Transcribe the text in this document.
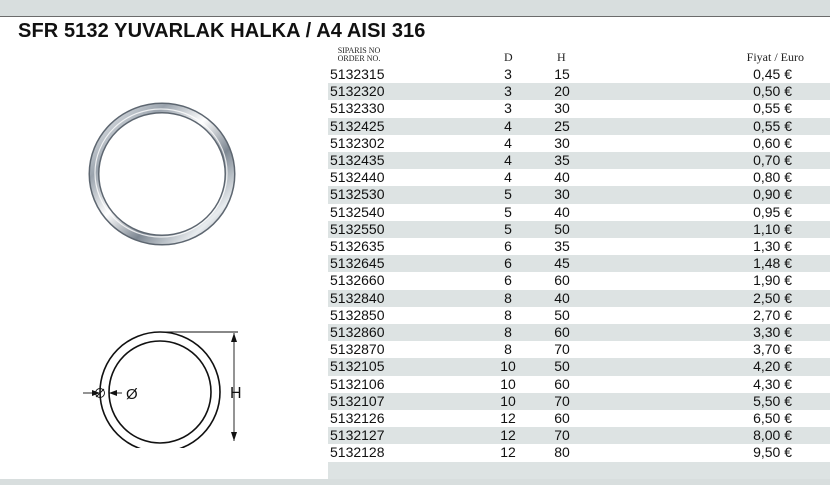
SFR 5132 YUVARLAK HALKA / A4 AISI 316
Ø	H
SIPARIS NO
ORDER NO.	D	H	Fiyat / Euro
5132315	3	15	0,45 €
5132320	3	20	0,50 €
5132330	3	30	0,55 €
5132425	4	25	0,55 €
5132302	4	30	0,60 €
5132435	4	35	0,70 €
5132440	4	40	0,80 €
5132530	5	30	0,90 €
5132540	5	40	0,95 €
5132550	5	50	1,10 €
5132635	6	35	1,30 €
5132645	6	45	1,48 €
5132660	6	60	1,90 €
5132840	8	40	2,50 €
5132850	8	50	2,70 €
5132860	8	60	3,30 €
5132870	8	70	3,70 €
5132105	10	50	4,20 €
5132106	10	60	4,30 €
5132107	10	70	5,50 €
5132126	12	60	6,50 €
5132127	12	70	8,00 €
5132128	12	80	9,50 €
